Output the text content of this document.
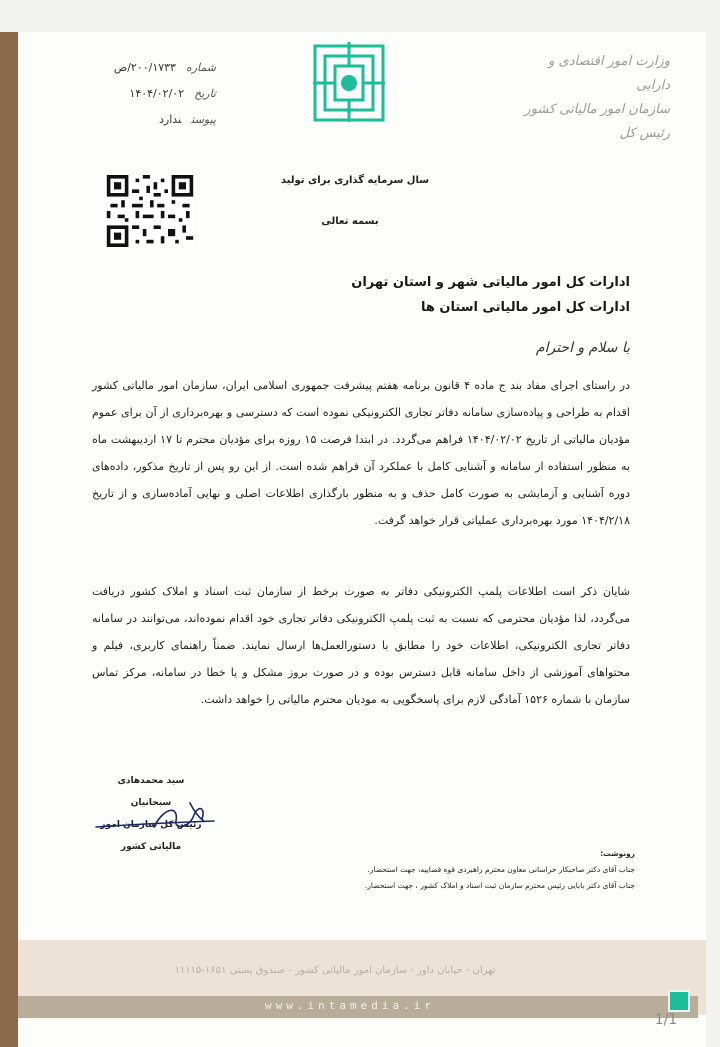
وزارت امور اقتصادی و دارایی
سازمان امور مالیاتی کشور
رئیس کل
شماره۲۰۰/۱۷۳۳/ص
تاریخ۱۴۰۴/۰۲/۰۲
پیوستندارد
سال سرمایه گذاری برای تولید
بسمه تعالی
ادارات کل امور مالیاتی شهر و استان تهران
ادارات کل امور مالیاتی استان ها
با سلام و احترام
در راستای اجرای مفاد بند ج ماده ۴ قانون برنامه هفتم پیشرفت جمهوری اسلامی ایران، سازمان امور مالیاتی کشور اقدام به طراحی و پیاده‌سازی سامانه دفاتر تجاری الکترونیکی نموده است که دسترسی و بهره‌برداری از آن برای عموم مؤدیان مالیاتی از تاریخ ۱۴۰۴/۰۲/۰۲ فراهم می‌گردد. در ابتدا فرصت ۱۵ روزه برای مؤدیان محترم تا ۱۷ اردیبهشت ماه به منظور استفاده از سامانه و آشنایی کامل با عملکرد آن فراهم شده است. از این رو پس از تاریخ مذکور، داده‌های دوره آشنایی و آزمایشی به صورت کامل حذف و به منظور بارگذاری اطلاعات اصلی و نهایی آماده‌سازی و از تاریخ ۱۴۰۴/۲/۱۸ مورد بهره‌برداری عملیاتی قرار خواهد گرفت.
شایان ذکر است اطلاعات پلمپ الکترونیکی دفاتر به صورت برخط از سازمان ثبت اسناد و املاک کشور دریافت می‌گردد، لذا مؤدیان محترمی که نسبت به ثبت پلمپ الکترونیکی دفاتر تجاری خود اقدام نموده‌اند، می‌توانند در سامانه دفاتر تجاری الکترونیکی، اطلاعات خود را مطابق با دستورالعمل‌ها ارسال نمایند. ضمناً راهنمای کاربری، فیلم و محتواهای آموزشی از داخل سامانه قابل دسترس بوده و در صورت بروز مشکل و یا خطا در سامانه، مرکز تماس سازمان با شماره ۱۵۲۶ آمادگی لازم برای پاسخگویی به مودیان محترم مالیاتی را خواهد داشت.
سید محمدهادی سبحانیان
رئیس کل سازمان امور مالیاتی کشور
رونوشت:
جناب آقای دکتر صاحبکار خراسانی معاون محترم راهبردی قوه قضاییه، جهت استحضار.
جناب آقای دکتر بابایی رئیس محترم سازمان ثبت اسناد و املاک کشور ، جهت استحضار.
تهران - خیابان داور - سازمان امور مالیاتی کشور - صندوق پستی ۱۶۵۱-۱۱۱۱۵
www.intamedia.ir
1/1
